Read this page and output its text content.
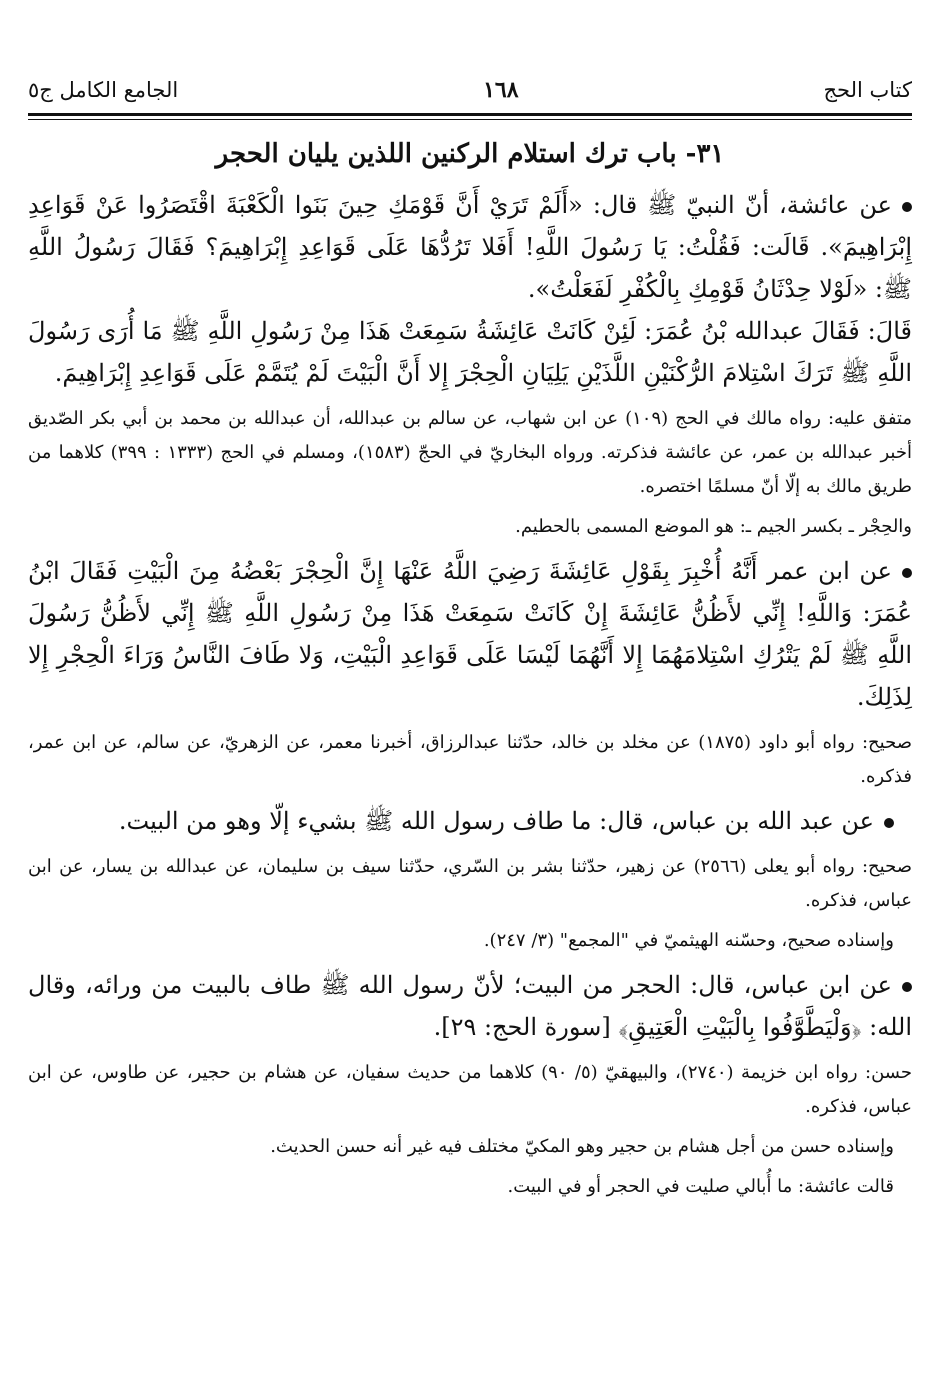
كتاب الحج
١٦٨
الجامع الكامل ج٥
٣١- باب ترك استلام الركنين اللذين يليان الحجر

عن عائشة، أنّ النبيّ ﷺ قال: «أَلَمْ تَرَيْ أَنَّ قَوْمَكِ حِينَ بَنَوا الْكَعْبَةَ اقْتَصَرُوا عَنْ قَوَاعِدِ إِبْرَاهِيمَ». قَالَت: فَقُلْتُ: يَا رَسُولَ اللَّهِ! أَفَلا تَرُدُّهَا عَلَى قَوَاعِدِ إِبْرَاهِيمَ؟ فَقَالَ رَسُولُ اللَّهِ ﷺ: «لَوْلا حِدْثَانُ قَوْمِكِ بِالْكُفْرِ لَفَعَلْتُ».

قَالَ: فَقَالَ عبدالله بْنُ عُمَرَ: لَئِنْ كَانَتْ عَائِشَةُ سَمِعَتْ هَذَا مِنْ رَسُولِ اللَّهِ ﷺ مَا أُرَى رَسُولَ اللَّهِ ﷺ تَرَكَ اسْتِلامَ الرُّكْنَيْنِ اللَّذَيْنِ يَلِيَانِ الْحِجْرَ إِلا أَنَّ الْبَيْتَ لَمْ يُتَمَّمْ عَلَى قَوَاعِدِ إِبْرَاهِيمَ.

متفق عليه: رواه مالك في الحج (١٠٩) عن ابن شهاب، عن سالم بن عبدالله، أن عبدالله بن محمد بن أبي بكر الصّديق أخبر عبدالله بن عمر، عن عائشة فذكرته. ورواه البخاريّ في الحجّ (١٥٨٣)، ومسلم في الحج (١٣٣٣ : ٣٩٩) كلاهما من طريق مالك به إلّا أنّ مسلمًا اختصره.

والحِجْر ـ بكسر الجيم ـ: هو الموضع المسمى بالحطيم.

عن ابن عمر أَنَّهُ أُخْبِرَ بِقَوْلِ عَائِشَةَ رَضِيَ اللَّهُ عَنْهَا إِنَّ الْحِجْرَ بَعْضُهُ مِنَ الْبَيْتِ فَقَالَ ابْنُ عُمَرَ: وَاللَّهِ! إِنِّي لأَظُنُّ عَائِشَةَ إِنْ كَانَتْ سَمِعَتْ هَذَا مِنْ رَسُولِ اللَّهِ ﷺ إِنِّي لأَظُنُّ رَسُولَ اللَّهِ ﷺ لَمْ يَتْرُكِ اسْتِلامَهُمَا إِلا أَنَّهُمَا لَيْسَا عَلَى قَوَاعِدِ الْبَيْتِ، وَلا طَافَ النَّاسُ وَرَاءَ الْحِجْرِ إِلا لِذَلِكَ.

صحيح: رواه أبو داود (١٨٧٥) عن مخلد بن خالد، حدّثنا عبدالرزاق، أخبرنا معمر، عن الزهريّ، عن سالم، عن ابن عمر، فذكره.

عن عبد الله بن عباس، قال: ما طاف رسول الله ﷺ بشيء إلّا وهو من البيت.

صحيح: رواه أبو يعلى (٢٥٦٦) عن زهير، حدّثنا بشر بن السّري، حدّثنا سيف بن سليمان، عن عبدالله بن يسار، عن ابن عباس، فذكره.

وإسناده صحيح، وحسّنه الهيثميّ في "المجمع" (٣/ ٢٤٧).

عن ابن عباس، قال: الحجر من البيت؛ لأنّ رسول الله ﷺ طاف بالبيت من ورائه، وقال الله: ﴿وَلْيَطَّوَّفُوا بِالْبَيْتِ الْعَتِيقِ﴾ [سورة الحج: ٢٩].

حسن: رواه ابن خزيمة (٢٧٤٠)، والبيهقيّ (٥/ ٩٠) كلاهما من حديث سفيان، عن هشام بن حجير، عن طاوس، عن ابن عباس، فذكره.

وإسناده حسن من أجل هشام بن حجير وهو المكيّ مختلف فيه غير أنه حسن الحديث.

قالت عائشة: ما أُبالي صليت في الحجر أو في البيت.
